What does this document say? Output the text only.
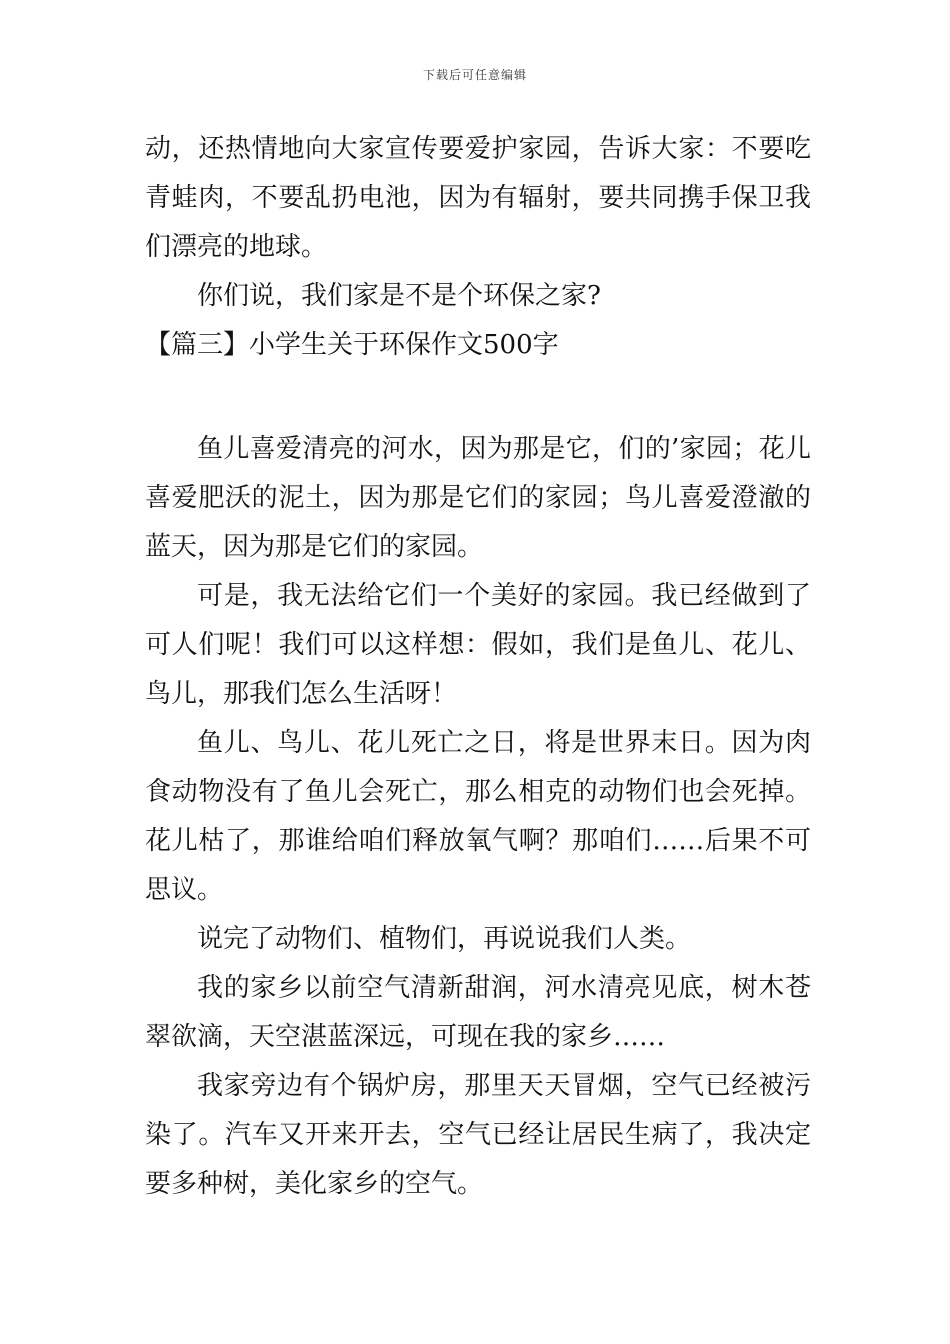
下载后可任意编辑

动，还热情地向大家宣传要爱护家园，告诉大家：不要吃青蛙肉，不要乱扔电池，因为有辐射，要共同携手保卫我们漂亮的地球。

你们说，我们家是不是个环保之家?

【篇三】小学生关于环保作文500字

鱼儿喜爱清亮的河水，因为那是它，们的’家园；花儿喜爱肥沃的泥土，因为那是它们的家园；鸟儿喜爱澄澈的蓝天，因为那是它们的家园。

可是，我无法给它们一个美好的家园。我已经做到了可人们呢！我们可以这样想：假如，我们是鱼儿、花儿、鸟儿，那我们怎么生活呀！

鱼儿、鸟儿、花儿死亡之日，将是世界末日。因为肉食动物没有了鱼儿会死亡，那么相克的动物们也会死掉。花儿枯了，那谁给咱们释放氧气啊？那咱们……后果不可思议。

说完了动物们、植物们，再说说我们人类。

我的家乡以前空气清新甜润，河水清亮见底，树木苍翠欲滴，天空湛蓝深远，可现在我的家乡……

我家旁边有个锅炉房，那里天天冒烟，空气已经被污染了。汽车又开来开去，空气已经让居民生病了，我决定要多种树，美化家乡的空气。
